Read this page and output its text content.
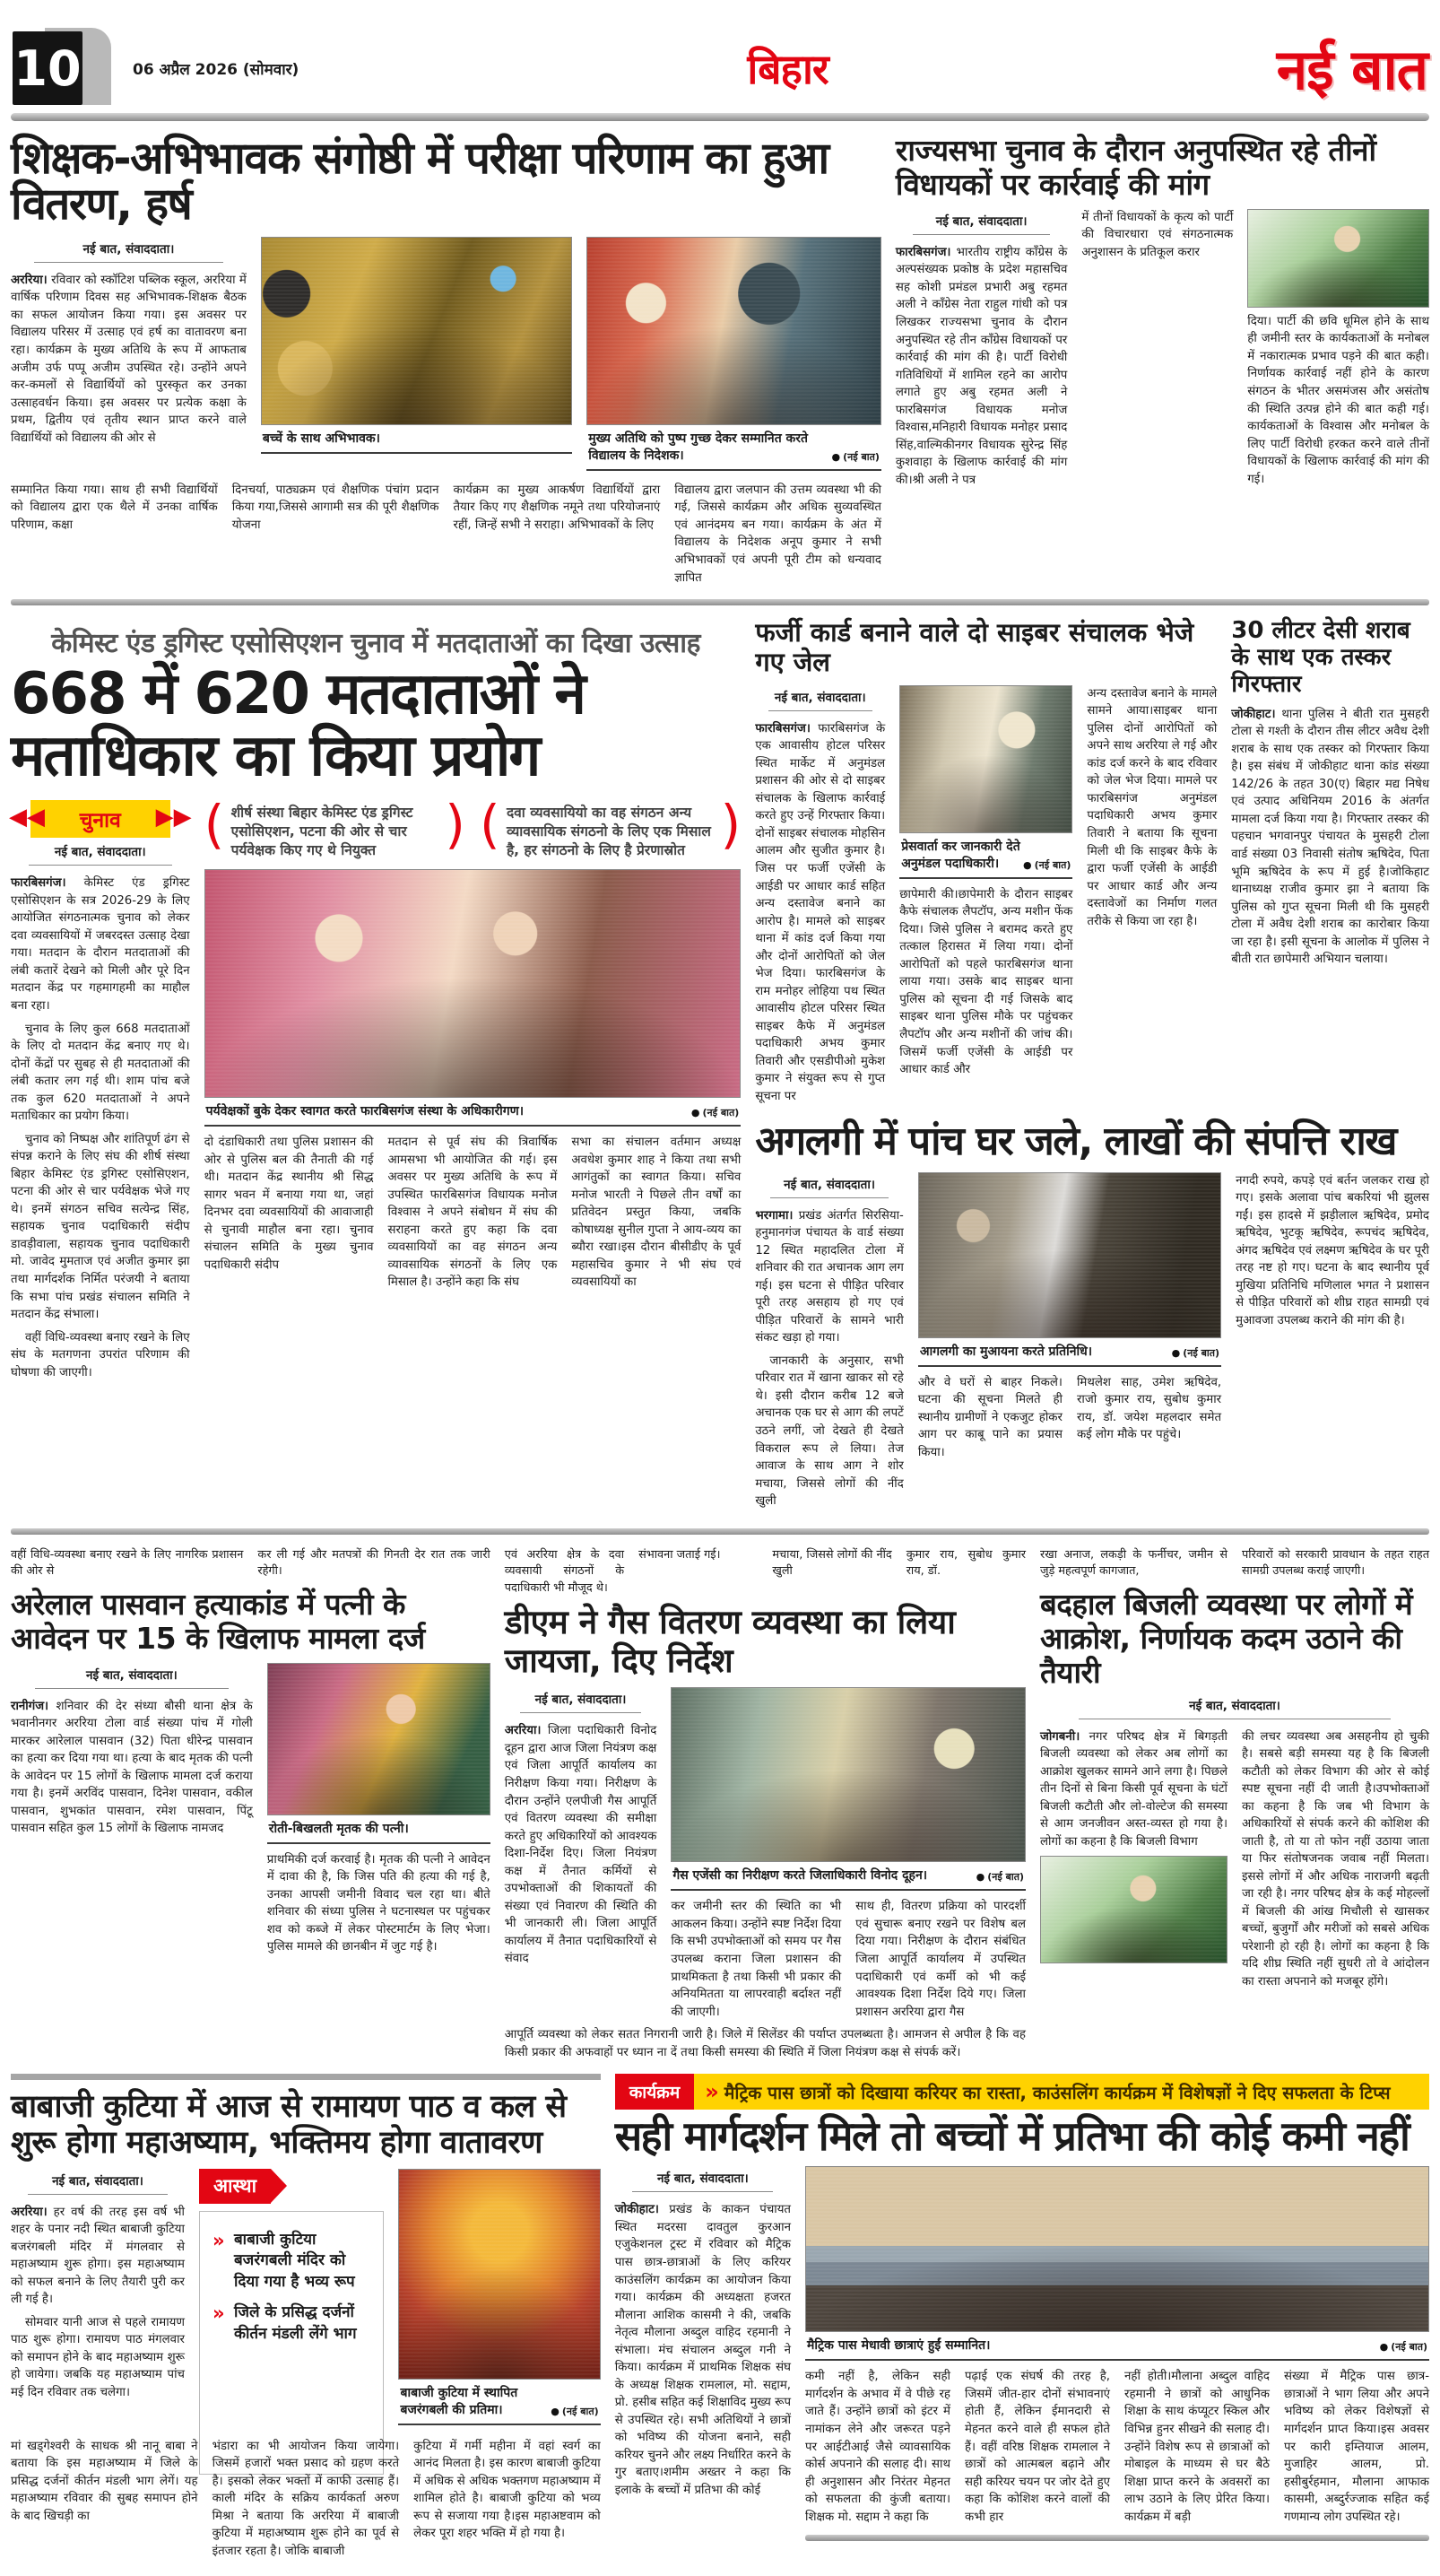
10	06 अप्रैल 2026 (सोमवार)	बिहार	नई बात
शिक्षक-अभिभावक संगोष्ठी में परीक्षा परिणाम का हुआ वितरण, हर्ष
नई बात, संवाददाता।

अररिया। रविवार को स्कॉटिश पब्लिक स्कूल, अररिया में वार्षिक परिणाम दिवस सह अभिभावक-शिक्षक बैठक का सफल आयोजन किया गया। इस अवसर पर विद्यालय परिसर में उत्साह एवं हर्ष का वातावरण बना रहा। कार्यक्रम के मुख्य अतिथि के रूप में आफताब अजीम उर्फ पप्पू अजीम उपस्थित रहे। उन्होंने अपने कर-कमलों से विद्यार्थियों को पुरस्कृत कर उनका उत्साहवर्धन किया। इस अवसर पर प्रत्येक कक्षा के प्रथम, द्वितीय एवं तृतीय स्थान प्राप्त करने वाले विद्यार्थियों को विद्यालय की ओर से	बच्चें के साथ अभिभावक।	मुख्य अतिथि को पुष्प गुच्छ देकर सम्मानित करते विद्यालय के निदेशक।	● (नई बात)
सम्मानित किया गया। साथ ही सभी विद्यार्थियों को विद्यालय द्वारा एक थैले में उनका वार्षिक परिणाम, कक्षा
दिनचर्या, पाठ्यक्रम एवं शैक्षणिक पंचांग प्रदान किया गया,जिससे आगामी सत्र की पूरी शैक्षणिक योजना
कार्यक्रम का मुख्य आकर्षण विद्यार्थियों द्वारा तैयार किए गए शैक्षणिक नमूने तथा परियोजनाएं रहीं, जिन्हें सभी ने सराहा। अभिभावकों के लिए
विद्यालय द्वारा जलपान की उत्तम व्यवस्था भी की गई, जिससे कार्यक्रम और अधिक सुव्यवस्थित एवं आनंदमय बन गया। कार्यक्रम के अंत में विद्यालय के निदेशक अनूप कुमार ने सभी अभिभावकों एवं अपनी पूरी टीम को धन्यवाद ज्ञापित
राज्यसभा चुनाव के दौरान अनुपस्थित रहे तीनों विधायकों पर कार्रवाई की मांग
नई बात, संवाददाता।

फारबिसगंज। भारतीय राष्ट्रीय काँग्रेस के अल्पसंख्यक प्रकोष्ठ के प्रदेश महासचिव सह कोशी प्रमंडल प्रभारी अबु रहमत अली ने काँग्रेस नेता राहुल गांधी को पत्र लिखकर राज्यसभा चुनाव के दौरान अनुपस्थित रहे तीन काँग्रेस विधायकों पर कार्रवाई की मांग की है। पार्टी विरोधी गतिविधियों में शामिल रहने का आरोप लगाते हुए अबु रहमत अली ने फारबिसगंज विधायक मनोज विश्वास,मनिहारी विधायक मनोहर प्रसाद सिंह,वाल्मिकीनगर विधायक सुरेन्द्र सिंह कुशवाहा के खिलाफ कार्रवाई की मांग की।श्री अली ने पत्र

में तीनों विधायकों के कृत्य को पार्टी की विचारधारा एवं संगठनात्मक अनुशासन के प्रतिकूल करार

दिया। पार्टी की छवि धूमिल होने के साथ ही जमीनी स्तर के कार्यकताओं के मनोबल में नकारात्मक प्रभाव पड़ने की बात कही। निर्णायक कार्रवाई नहीं होने के कारण संगठन के भीतर असमंजस और असंतोष की स्थिति उत्पन्न होने की बात कही गई।कार्यकताओं के विश्वास और मनोबल के लिए पार्टी विरोधी हरकत करने वाले तीनों विधायकों के खिलाफ कार्रवाई की मांग की गई।

केमिस्ट एंड ड्रगिस्ट एसोसिएशन चुनाव में मतदाताओं का दिखा उत्साह
668 में 620 मतदाताओं ने मताधिकार का किया प्रयोग
◀◀ चुनाव ▶▶
नई बात, संवाददाता।

फारबिसगंज। केमिस्ट एंड ड्रगिस्ट एसोसिएशन के सत्र 2026-29 के लिए आयोजित संगठनात्मक चुनाव को लेकर दवा व्यवसायियों में जबरदस्त उत्साह देखा गया। मतदान के दौरान मतदाताओं की लंबी कतारें देखने को मिली और पूरे दिन मतदान केंद्र पर गहमागहमी का माहौल बना रहा।

चुनाव के लिए कुल 668 मतदाताओं के लिए दो मतदान केंद्र बनाए गए थे। दोनों केंद्रों पर सुबह से ही मतदाताओं की लंबी कतार लग गई थी। शाम पांच बजे तक कुल 620 मतदाताओं ने अपने मताधिकार का प्रयोग किया।

चुनाव को निष्पक्ष और शांतिपूर्ण ढंग से संपन्न कराने के लिए संघ की शीर्ष संस्था बिहार केमिस्ट एंड ड्रगिस्ट एसोसिएशन, पटना की ओर से चार पर्यवेक्षक भेजे गए थे। इनमें संगठन सचिव सत्येन्द्र सिंह, सहायक चुनाव पदाधिकारी संदीप डावड़ीवाला, सहायक चुनाव पदाधिकारी मो. जावेद मुमताज एवं अजीत कुमार झा तथा मार्गदर्शक निर्मित परंजयी ने बताया कि सभा पांच प्रखंड संचालन समिति ने मतदान केंद्र संभाला।

वहीं विधि-व्यवस्था बनाए रखने के लिए संघ के मतगणना उपरांत परिणाम की घोषणा की जाएगी।

( शीर्ष संस्था बिहार केमिस्ट एंड ड्रगिस्ट एसोसिएशन, पटना की ओर से चार पर्यवेक्षक किए गए थे नियुक्त )
( दवा व्यवसायियो का वह संगठन अन्य व्यावसायिक संगठनो के लिए एक मिसाल है, हर संगठनो के लिए है प्रेरणास्रोत )
पर्यवेक्षकों बुके देकर स्वागत करते फारबिसगंज संस्था के अधिकारीगण।	● (नई बात)
दो दंडाधिकारी तथा पुलिस प्रशासन की ओर से पुलिस बल की तैनाती की गई थी। मतदान केंद्र स्थानीय श्री सिद्ध सागर भवन में बनाया गया था, जहां दिनभर दवा व्यवसायियों की आवाजाही से चुनावी माहौल बना रहा। चुनाव संचालन समिति के मुख्य चुनाव पदाधिकारी संदीप
मतदान से पूर्व संघ की त्रिवार्षिक आमसभा भी आयोजित की गई। इस अवसर पर मुख्य अतिथि के रूप में उपस्थित फारबिसगंज विधायक मनोज विश्वास ने अपने संबोधन में संघ की सराहना करते हुए कहा कि दवा व्यवसायियों का वह संगठन अन्य व्यावसायिक संगठनों के लिए एक मिसाल है। उन्होंने कहा कि संघ
सभा का संचालन वर्तमान अध्यक्ष अवधेश कुमार शाह ने किया तथा सभी आगंतुकों का स्वागत किया। सचिव मनोज भारती ने पिछले तीन वर्षों का प्रतिवेदन प्रस्तुत किया, जबकि कोषाध्यक्ष सुनील गुप्ता ने आय-व्यय का ब्यौरा रखा।इस दौरान बीसीडीए के पूर्व महासचिव कुमार ने भी संघ एवं व्यवसायियों का
फर्जी कार्ड बनाने वाले दो साइबर संचालक भेजे गए जेल
नई बात, संवाददाता।

फारबिसगंज। फारबिसगंज के एक आवासीय होटल परिसर स्थित मार्केट में अनुमंडल प्रशासन की ओर से दो साइबर संचालक के खिलाफ कार्रवाई करते हुए उन्हें गिरफ्तार किया। दोनों साइबर संचालक मोहसिन आलम और सुजीत कुमार है। जिस पर फर्जी एजेंसी के आईडी पर आधार कार्ड सहित अन्य दस्तावेज बनाने का आरोप है। मामले को साइबर थाना में कांड दर्ज किया गया और दोनों आरोपितों को जेल भेज दिया। फारबिसगंज के राम मनोहर लोहिया पथ स्थित आवासीय होटल परिसर स्थित साइबर कैफे में अनुमंडल पदाधिकारी अभय कुमार तिवारी और एसडीपीओ मुकेश कुमार ने संयुक्त रूप से गुप्त सूचना पर

प्रेसवार्ता कर जानकारी देते अनुमंडल पदाधिकारी।	● (नई बात)
छापेमारी की।छापेमारी के दौरान साइबर कैफे संचालक लैपटॉप, अन्य मशीन फेंक दिया। जिसे पुलिस ने बरामद करते हुए तत्काल हिरासत में लिया गया। दोनों आरोपितों को पहले फारबिसगंज थाना लाया गया। उसके बाद साइबर थाना पुलिस को सूचना दी गई जिसके बाद साइबर थाना पुलिस मौके पर पहुंचकर लैपटॉप और अन्य मशीनों की जांच की। जिसमें फर्जी एजेंसी के आईडी पर आधार कार्ड और
अन्य दस्तावेज बनाने के मामले सामने आया।साइबर थाना पुलिस दोनों आरोपितों को अपने साथ अररिया ले गई और कांड दर्ज करने के बाद रविवार को जेल भेज दिया। मामले पर फारबिसगंज अनुमंडल पदाधिकारी अभय कुमार तिवारी ने बताया कि सूचना मिली थी कि साइबर कैफे के द्वारा फर्जी एजेंसी के आईडी पर आधार कार्ड और अन्य दस्तावेजों का निर्माण गलत तरीके से किया जा रहा है।
30 लीटर देसी शराब के साथ एक तस्कर गिरफ्तार

जोकीहाट। थाना पुलिस ने बीती रात मुसहरी टोला से गश्ती के दौरान तीस लीटर अवैध देशी शराब के साथ एक तस्कर को गिरफ्तार किया है। इस संबंध में जोकीहाट थाना कांड संख्या 142/26 के तहत 30(ए) बिहार मद्य निषेध एवं उत्पाद अधिनियम 2016 के अंतर्गत मामला दर्ज किया गया है। गिरफ्तार तस्कर की पहचान भगवानपुर पंचायत के मुसहरी टोला वार्ड संख्या 03 निवासी संतोष ऋषिदेव, पिता भूमि ऋषिदेव के रूप में हुई है।जोकिहाट थानाध्यक्ष राजीव कुमार झा ने बताया कि पुलिस को गुप्त सूचना मिली थी कि मुसहरी टोला में अवैध देशी शराब का कारोबार किया जा रहा है। इसी सूचना के आलोक में पुलिस ने बीती रात छापेमारी अभियान चलाया।

अगलगी में पांच घर जले, लाखों की संपत्ति राख
नई बात, संवाददाता।

भरगामा। प्रखंड अंतर्गत सिरसिया-हनुमानगंज पंचायत के वार्ड संख्या 12 स्थित महादलित टोला में शनिवार की रात अचानक आग लग गई। इस घटना से पीड़ित परिवार पूरी तरह असहाय हो गए एवं पीड़ित परिवारों के सामने भारी संकट खड़ा हो गया।

जानकारी के अनुसार, सभी परिवार रात में खाना खाकर सो रहे थे। इसी दौरान करीब 12 बजे अचानक एक घर से आग की लपटें उठने लगीं, जो देखते ही देखते विकराल रूप ले लिया। तेज आवाज के साथ आग ने शोर मचाया, जिससे लोगों की नींद खुली

आगलगी का मुआयना करते प्रतिनिधि।	● (नई बात)
और वे घरों से बाहर निकले। घटना की सूचना मिलते ही स्थानीय ग्रामीणों ने एकजुट होकर आग पर काबू पाने का प्रयास किया।
मिथलेश साह, उमेश ऋषिदेव, राजो कुमार राय, सुबोध कुमार राय, डॉ. जयेश महलदार समेत कई लोग मौके पर पहुंचे।
नगदी रुपये, कपड़े एवं बर्तन जलकर राख हो गए। इसके अलावा पांच बकरियां भी झुलस गईं। इस हादसे में झड़ीलाल ऋषिदेव, प्रमोद ऋषिदेव, भुटकू ऋषिदेव, रूपचंद ऋषिदेव, अंगद ऋषिदेव एवं लक्ष्मण ऋषिदेव के घर पूरी तरह नष्ट हो गए। घटना के बाद स्थानीय पूर्व मुखिया प्रतिनिधि मणिलाल भगत ने प्रशासन से पीड़ित परिवारों को शीघ्र राहत सामग्री एवं मुआवजा उपलब्ध कराने की मांग की है।
वहीं विधि-व्यवस्था बनाए रखने के लिए नागरिक प्रशासन की ओर से
कर ली गई और मतपत्रों की गिनती देर रात तक जारी रहेगी।
अरेलाल पासवान हत्याकांड में पत्नी के आवेदन पर 15 के खिलाफ मामला दर्ज
नई बात, संवाददाता।

रानीगंज। शनिवार की देर संध्या बौसी थाना क्षेत्र के भवानीनगर अररिया टोला वार्ड संख्या पांच में गोली मारकर आरेलाल पासवान (32) पिता धीरेन्द्र पासवान का हत्या कर दिया गया था। हत्या के बाद मृतक की पत्नी के आवेदन पर 15 लोगों के खिलाफ मामला दर्ज कराया गया है। इनमें अरविंद पासवान, दिनेश पासवान, वकील पासवान, शुभकांत पासवान, रमेश पासवान, पिंटू पासवान सहित कुल 15 लोगों के खिलाफ नामजद	रोती-बिखलती मृतक की पत्नी।
प्राथमिकी दर्ज करवाई है। मृतक की पत्नी ने आवेदन में दावा की है, कि जिस पति की हत्या की गई है, उनका आपसी जमीनी विवाद चल रहा था। बीते शनिवार की संध्या पुलिस ने घटनास्थल पर पहुंचकर शव को कब्जे में लेकर पोस्टमार्टम के लिए भेजा। पुलिस मामले की छानबीन में जुट गई है।
एवं अररिया क्षेत्र के दवा व्यवसायी संगठनों के पदाधिकारी भी मौजूद थे।
संभावना जताई गई।	मचाया, जिससे लोगों की नींद खुली
कुमार राय, सुबोध कुमार राय, डॉ.
डीएम ने गैस वितरण व्यवस्था का लिया जायजा, दिए निर्देश
नई बात, संवाददाता।

अररिया। जिला पदाधिकारी विनोद दूहन द्वारा आज जिला नियंत्रण कक्ष एवं जिला आपूर्ति कार्यालय का निरीक्षण किया गया। निरीक्षण के दौरान उन्होंने एलपीजी गैस आपूर्ति एवं वितरण व्यवस्था की समीक्षा करते हुए अधिकारियों को आवश्यक दिशा-निर्देश दिए। जिला नियंत्रण कक्ष में तैनात कर्मियों से उपभोक्ताओं की शिकायतों की संख्या एवं निवारण की स्थिति की भी जानकारी ली। जिला आपूर्ति कार्यालय में तैनात पदाधिकारियों से संवाद

गैस एजेंसी का निरीक्षण करते जिलाधिकारी विनोद दूहन।	● (नई बात)
कर जमीनी स्तर की स्थिति का भी आकलन किया। उन्होंने स्पष्ट निर्देश दिया कि सभी उपभोक्ताओं को समय पर गैस उपलब्ध कराना जिला प्रशासन की प्राथमिकता है तथा किसी भी प्रकार की अनियमितता या लापरवाही बर्दाश्त नहीं की जाएगी।
साथ ही, वितरण प्रक्रिया को पारदर्शी एवं सुचारू बनाए रखने पर विशेष बल दिया गया। निरीक्षण के दौरान संबंधित जिला आपूर्ति कार्यालय में उपस्थित पदाधिकारी एवं कर्मी को भी कई आवश्यक दिशा निर्देश दिये गए। जिला प्रशासन अररिया द्वारा गैस
आपूर्ति व्यवस्था को लेकर सतत निगरानी जारी है। जिले में सिलेंडर की पर्याप्त उपलब्धता है। आमजन से अपील है कि वह किसी प्रकार की अफवाहों पर ध्यान ना दें तथा किसी समस्या की स्थिति में जिला नियंत्रण कक्ष से संपर्क करें।
रखा अनाज, लकड़ी के फर्नीचर, जमीन से जुड़े महत्वपूर्ण कागजात,
परिवारों को सरकारी प्रावधान के तहत राहत सामग्री उपलब्ध कराई जाएगी।
बदहाल बिजली व्यवस्था पर लोगों में आक्रोश, निर्णायक कदम उठाने की तैयारी
नई बात, संवाददाता।

जोगबनी। नगर परिषद क्षेत्र में बिगड़ती बिजली व्यवस्था को लेकर अब लोगों का आक्रोश खुलकर सामने आने लगा है। पिछले तीन दिनों से बिना किसी पूर्व सूचना के घंटों बिजली कटौती और लो-वोल्टेज की समस्या से आम जनजीवन अस्त-व्यस्त हो गया है। लोगों का कहना है कि बिजली विभाग

की लचर व्यवस्था अब असहनीय हो चुकी है। सबसे बड़ी समस्या यह है कि बिजली कटौती को लेकर विभाग की ओर से कोई स्पष्ट सूचना नहीं दी जाती है।उपभोक्ताओं का कहना है कि जब भी विभाग के अधिकारियों से संपर्क करने की कोशिश की जाती है, तो या तो फोन नहीं उठाया जाता या फिर संतोषजनक जवाब नहीं मिलता।इससे लोगों में और अधिक नाराजगी बढ़ती जा रही है। नगर परिषद क्षेत्र के कई मोहल्लों में बिजली की आंख मिचौली से खासकर बच्चों, बुजुर्गों और मरीजों को सबसे अधिक परेशानी हो रही है। लोगों का कहना है कि यदि शीघ्र स्थिति नहीं सुधरी तो वे आंदोलन का रास्ता अपनाने को मजबूर होंगे।
बाबाजी कुटिया में आज से रामायण पाठ व कल से शुरू होगा महाअष्याम, भक्तिमय होगा वातावरण
नई बात, संवाददाता।

अररिया। हर वर्ष की तरह इस वर्ष भी शहर के पनार नदी स्थित बाबाजी कुटिया बजरंगबली मंदिर में मंगलवार से महाअष्याम शुरू होगा। इस महाअष्याम को सफल बनाने के लिए तैयारी पुरी कर ली गई है।

सोमवार यानी आज से पहले रामायण पाठ शुरू होगा। रामायण पाठ मंगलवार को समापन होने के बाद महाअष्याम शुरू हो जायेगा। जबकि यह महाअष्याम पांच मई दिन रविवार तक चलेगा।

आस्था
» बाबाजी कुटिया बजरंगबली मंदिर को दिया गया है भव्य रूप
» जिले के प्रसिद्ध दर्जनों कीर्तन मंडली लेंगे भाग
बाबाजी कुटिया में स्थापित बजरंगबली की प्रतिमा।	● (नई बात)
मां खड्गेश्वरी के साधक श्री नानू बाबा ने बताया कि इस महाअष्याम में जिले के प्रसिद्ध दर्जनों कीर्तन मंडली भाग लेगें। यह महाअष्याम रविवार की सुबह समापन होने के बाद खिचड़ी का
भंडारा का भी आयोजन किया जायेगा। जिसमें हजारों भक्त प्रसाद को ग्रहण करते है। इसको लेकर भक्तों में काफी उत्साह हैं। काली मंदिर के सक्रिय कार्यकर्ता अरुण मिश्रा ने बताया कि अररिया में बाबाजी कुटिया में महाअष्याम शुरू होने का पूर्व से इंतजार रहता है। जोकि बाबाजी
कुटिया में गर्मी महीना में वहां स्वर्ग का आनंद मिलता है। इस कारण बाबाजी कुटिया में अधिक से अधिक भक्तगण महाअष्याम में शामिल होते है। बाबाजी कुटिया को भव्य रूप से सजाया गया है।इस महाअष्टवाम को लेकर पूरा शहर भक्ति में हो गया है।
कार्यक्रम	» मैट्रिक पास छात्रों को दिखाया करियर का रास्ता, काउंसलिंग कार्यक्रम में विशेषज्ञों ने दिए सफलता के टिप्स
सही मार्गदर्शन मिले तो बच्चों में प्रतिभा की कोई कमी नहीं
नई बात, संवाददाता।

जोकीहाट। प्रखंड के काकन पंचायत स्थित मदरसा दावतुल कुरआन एजुकेशनल ट्रस्ट में रविवार को मैट्रिक पास छात्र-छात्राओं के लिए करियर काउंसलिंग कार्यक्रम का आयोजन किया गया। कार्यक्रम की अध्यक्षता हजरत मौलाना आशिक कासमी ने की, जबकि नेतृत्व मौलाना अब्दुल वाहिद रहमानी ने संभाला। मंच संचालन अब्दुल गनी ने किया। कार्यक्रम में प्राथमिक शिक्षक संघ के अध्यक्ष शिक्षक रामलाल, मो. सद्दाम, प्रो. हसीब सहित कई शिक्षाविद मुख्य रूप से उपस्थित रहे। सभी अतिथियों ने छात्रों को भविष्य की योजना बनाने, सही करियर चुनने और लक्ष्य निर्धारित करने के गुर बताए।शमीम अख्तर ने कहा कि इलाके के बच्चों में प्रतिभा की कोई

मैट्रिक पास मेधावी छात्राएं हुईं सम्मानित।	● (नई बात)
कमी नहीं है, लेकिन सही मार्गदर्शन के अभाव में वे पीछे रह जाते हैं। उन्होंने छात्रों को इंटर में नामांकन लेने और जरूरत पड़ने पर आईटीआई जैसे व्यावसायिक कोर्स अपनाने की सलाह दी। साथ ही अनुशासन और निरंतर मेहनत को सफलता की कुंजी बताया। शिक्षक मो. सद्दाम ने कहा कि
पढ़ाई एक संघर्ष की तरह है, जिसमें जीत-हार दोनों संभावनाएं होती हैं, लेकिन ईमानदारी से मेहनत करने वाले ही सफल होते हैं। वहीं वरिष्ठ शिक्षक रामलाल ने छात्रों को आत्मबल बढ़ाने और सही करियर चयन पर जोर देते हुए कहा कि कोशिश करने वालों की कभी हार
नहीं होती।मौलाना अब्दुल वाहिद रहमानी ने छात्रों को आधुनिक शिक्षा के साथ कंप्यूटर स्किल और विभिन्न हुनर सीखने की सलाह दी। उन्होंने विशेष रूप से छात्राओं को मोबाइल के माध्यम से घर बैठे शिक्षा प्राप्त करने के अवसरों का लाभ उठाने के लिए प्रेरित किया। कार्यक्रम में बड़ी
संख्या में मैट्रिक पास छात्र-छात्राओं ने भाग लिया और अपने भविष्य को लेकर विशेषज्ञों से मार्गदर्शन प्राप्त किया।इस अवसर पर कारी इम्तियाज आलम, मुजाहिर आलम, प्रो. हसीबुर्रहमान, मौलाना आफाक कासमी, अब्दुर्रज्जाक सहित कई गणमान्य लोग उपस्थित रहे।
